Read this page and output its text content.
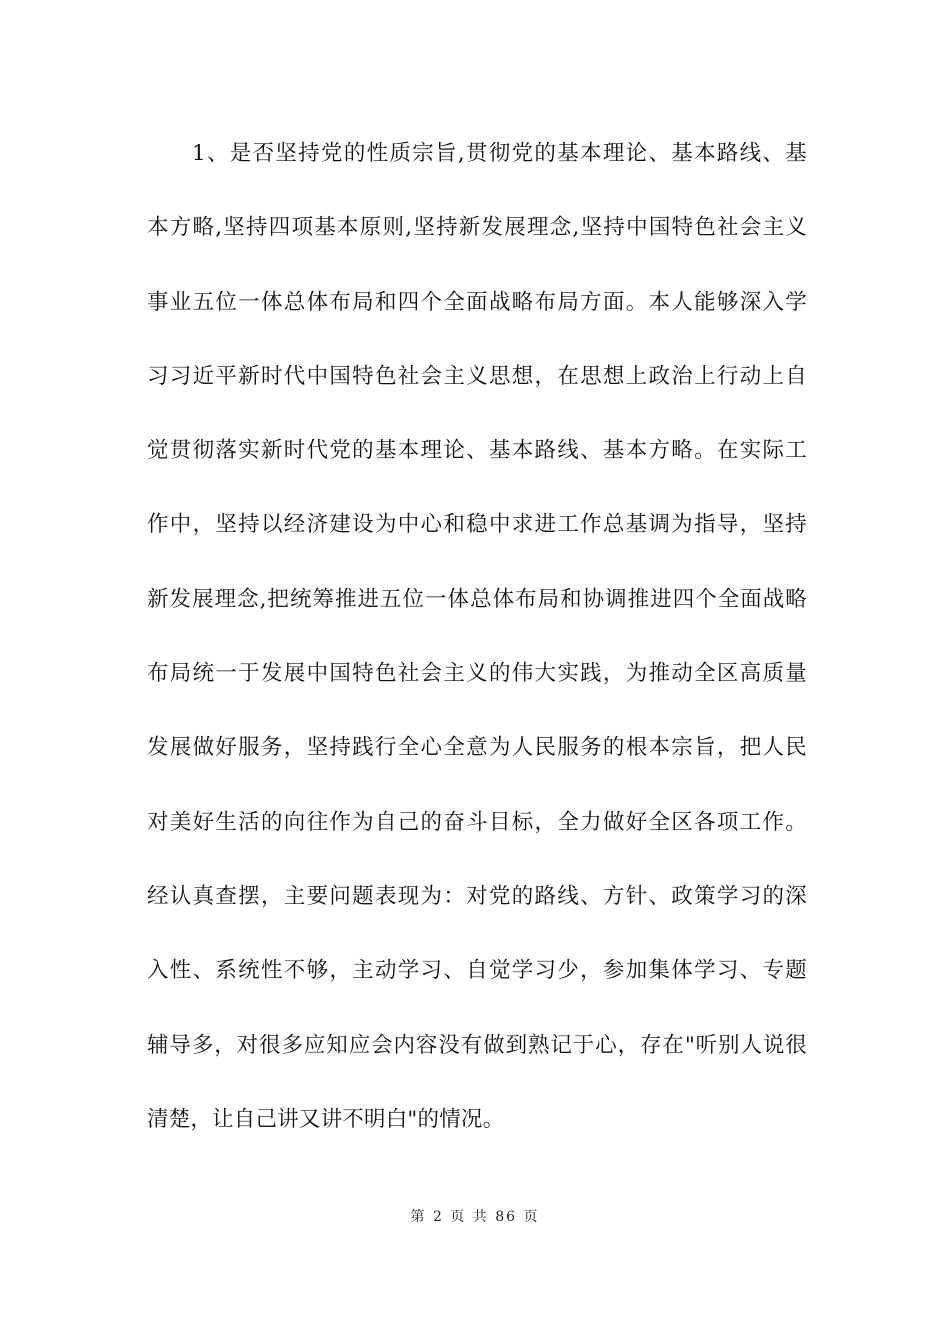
1、是否坚持党的性质宗旨,贯彻党的基本理论、基本路线、基
本方略,坚持四项基本原则,坚持新发展理念,坚持中国特色社会主义
事业五位一体总体布局和四个全面战略布局方面。本人能够深入学
习习近平新时代中国特色社会主义思想，在思想上政治上行动上自
觉贯彻落实新时代党的基本理论、基本路线、基本方略。在实际工
作中，坚持以经济建设为中心和稳中求进工作总基调为指导，坚持
新发展理念,把统筹推进五位一体总体布局和协调推进四个全面战略
布局统一于发展中国特色社会主义的伟大实践，为推动全区高质量
发展做好服务，坚持践行全心全意为人民服务的根本宗旨，把人民
对美好生活的向往作为自己的奋斗目标，全力做好全区各项工作。
经认真查摆，主要问题表现为：对党的路线、方针、政策学习的深
入性、系统性不够，主动学习、自觉学习少，参加集体学习、专题
辅导多，对很多应知应会内容没有做到熟记于心，存在"听别人说很
清楚，让自己讲又讲不明白"的情况。
第 2 页 共 86 页
